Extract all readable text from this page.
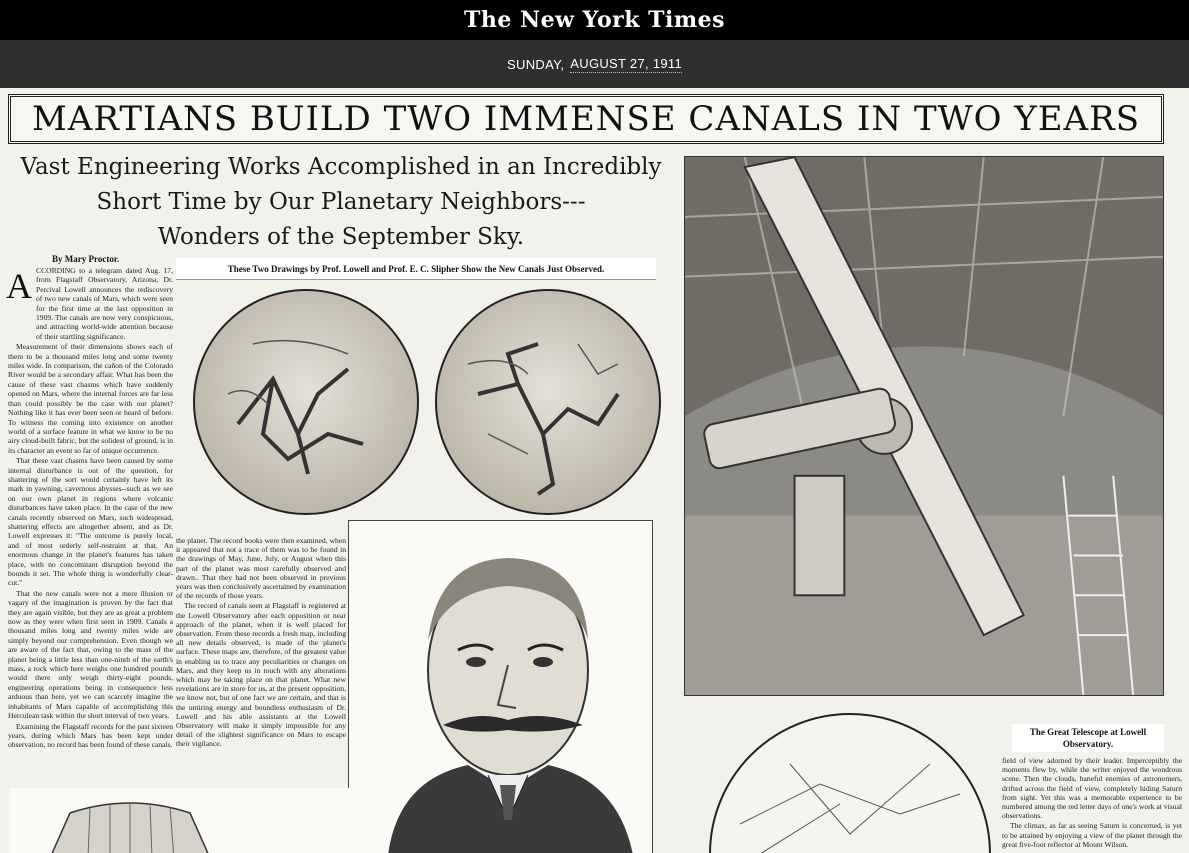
The New York Times
SUNDAY, AUGUST 27, 1911
MARTIANS BUILD TWO IMMENSE CANALS IN TWO YEARS
Vast Engineering Works Accomplished in an Incredibly
Short Time by Our Planetary Neighbors---
Wonders of the September Sky.
By Mary Proctor.
A CCORDING to a telegram dated Aug. 17, from Flagstaff Observatory, Arizona, Dr. Percival Lowell announces the rediscovery of two new canals of Mars, which were seen for the first time at the last opposition in 1909. The canals are now very conspicuous, and attracting world-wide attention because of their startling significance.

Measurement of their dimensions shows each of them to be a thousand miles long and some twenty miles wide. In comparison, the cañon of the Colorado River would be a secondary affair. What has been the cause of these vast chasms which have suddenly opened on Mars, where the internal forces are far less than could possibly be the case with our planet? Nothing like it has ever been seen or heard of before. To witness the coming into existence on another world of a surface feature in what we know to be no airy cloud-built fabric, but the solidest of ground, is in its character an event so far of unique occurrence.

That these vast chasms have been caused by some internal disturbance is out of the question, for shattering of the sort would certainly have left its mark in yawning, cavernous abysses--such as we see on our own planet in regions where volcanic disturbances have taken place. In the case of the new canals recently observed on Mars, such widespread, shattering effects are altogether absent, and as Dr. Lowell expresses it: "The outcome is purely local, and of most orderly self-restraint at that. An enormous change in the planet's features has taken place, with no concomitant disruption beyond the bounds it set. The whole thing is wonderfully clear-cut."

That the new canals were not a mere illusion or vagary of the imagination is proven by the fact that they are again visible, but they are as great a problem now as they were when first seen in 1909. Canals a thousand miles long and twenty miles wide are simply beyond our comprehension. Even though we are aware of the fact that, owing to the mass of the planet being a little less than one-ninth of the earth's mass, a rock which here weighs one hundred pounds would there only weigh thirty-eight pounds, engineering operations being in consequence less arduous than here, yet we can scarcely imagine the inhabitants of Mars capable of accomplishing this Herculean task within the short interval of two years.

Examining the Flagstaff records for the past sixteen years, during which Mars has been kept under observation, no record has been found of these canals.

These Two Drawings by Prof. Lowell and Prof. E. C. Slipher Show the New Canals Just Observed.

the planet. The record books were then examined, when it appeared that not a trace of them was to be found in the drawings of May, June, July, or August when this part of the planet was most carefully observed and drawn.. That they had not been observed in previous years was then conclusively ascertained by examination of the records of those years.

The record of canals seen at Flagstaff is registered at the Lowell Observatory after each opposition or near approach of the planet, when it is well placed for observation. From these records a fresh map, including all new details observed, is made of the planet's surface. These maps are, therefore, of the greatest value in enabling us to trace any peculiarities or changes on Mars, and they keep us in touch with any alterations which may be taking place on that planet. What new revelations are in store for us, at the present opposition, we know not, but of one fact we are certain, and that is the untiring energy and boundless enthusiasm of Dr. Lowell and his able assistants at the Lowell Observatory will make it simply impossible for any detail of the slightest significance on Mars to escape their vigilance.

The Great Telescope at Lowell Observatory.

field of view adorned by their leader. Imperceptibly the moments flew by, while the writer enjoyed the wondrous scene. Then the clouds, baneful enemies of astronomers, drifted across the field of view, completely hiding Saturn from sight. Yet this was a memorable experience to be numbered among the red letter days of one's work at visual observations.

The climax, as far as seeing Saturn is concerned, is yet to be attained by enjoying a view of the planet through the great five-foot reflector at Mount Wilson.
